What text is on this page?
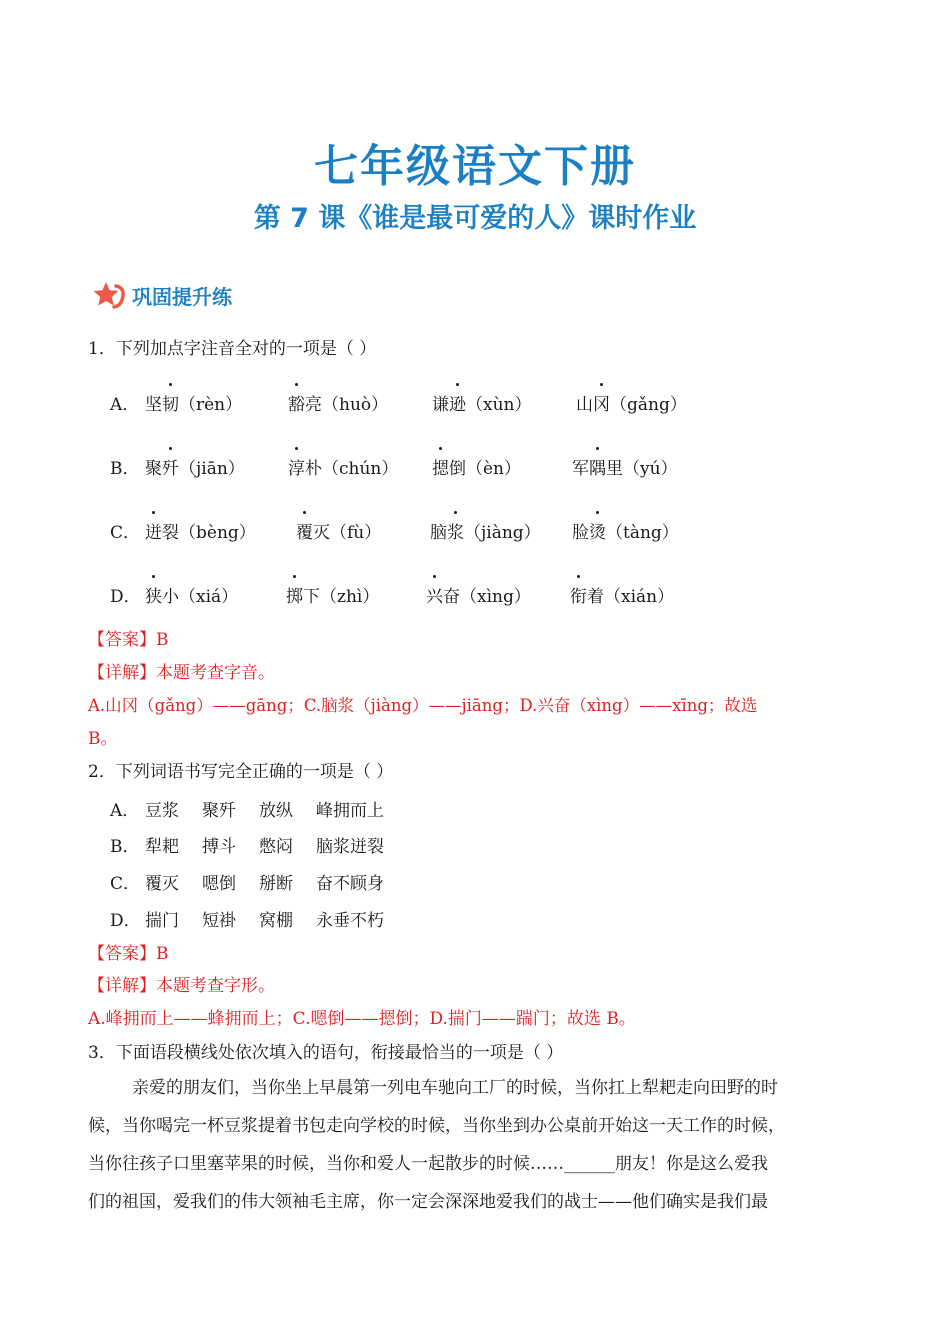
七年级语文下册
第 7 课《谁是最可爱的人》课时作业
巩固提升练
1．下列加点字注音全对的一项是（ ）
A． 坚韧（rèn）	豁亮（huò）	谦逊（xùn）	山冈（gǎng）
B． 聚歼（jiān）	淳朴（chún） 摁倒（èn）	军隅里（yú）
C． 迸裂（bèng） 覆灭（fù）	脑浆（jiàng） 脸烫（tàng）
D． 狭小（xiá）	掷下（zhì）	兴奋（xìng） 衔着（xián）
【答案】B
【详解】本题考查字音。
A.山冈（gǎng）——gāng；C.脑浆（jiàng）——jiāng；D.兴奋（xìng）——xīng；故选
B。
2．下列词语书写完全正确的一项是（ ）
A． 豆浆 聚歼 放纵 峰拥而上
B． 犁耙 搏斗 憋闷 脑浆迸裂
C． 覆灭 嗯倒 掰断 奋不顾身
D． 揣门 短褂 窝棚 永垂不朽
【答案】B
【详解】本题考查字形。
A.峰拥而上——蜂拥而上；C.嗯倒——摁倒；D.揣门——踹门；故选 B。
3．下面语段横线处依次填入的语句，衔接最恰当的一项是（ ）
亲爱的朋友们，当你坐上早晨第一列电车驰向工厂的时候，当你扛上犁耙走向田野的时
候，当你喝完一杯豆浆提着书包走向学校的时候，当你坐到办公桌前开始这一天工作的时候，
当你往孩子口里塞苹果的时候，当你和爱人一起散步的时候……______朋友！你是这么爱我
们的祖国，爱我们的伟大领袖毛主席，你一定会深深地爱我们的战士——他们确实是我们最
